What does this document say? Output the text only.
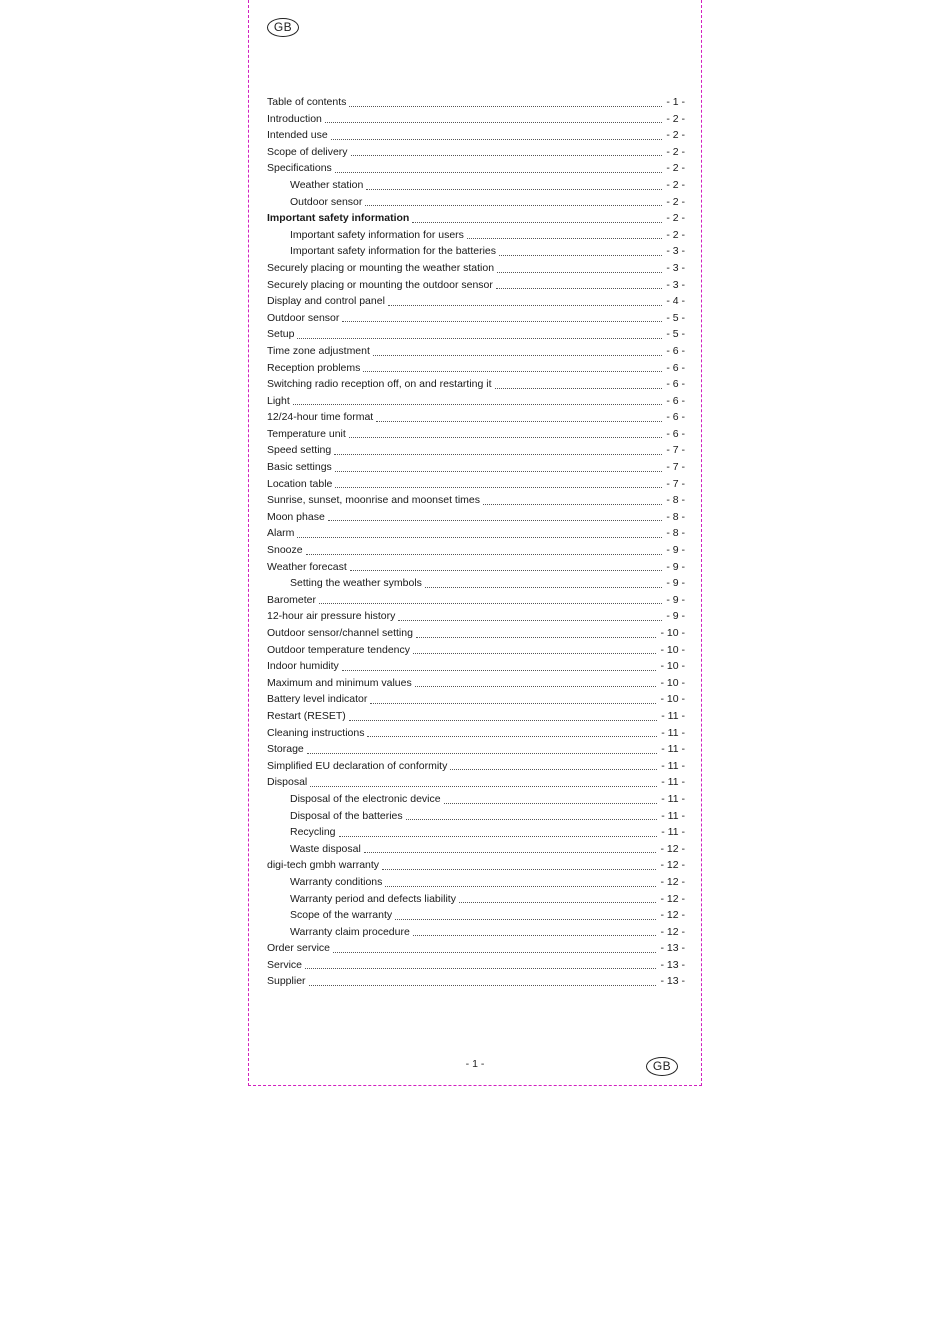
GB
Table of contents	- 1 -
Introduction	- 2 -
Intended use	- 2 -
Scope of delivery	- 2 -
Specifications	- 2 -
Weather station	- 2 -
Outdoor sensor	- 2 -
Important safety information	- 2 -
Important safety information for users	- 2 -
Important safety information for the batteries	- 3 -
Securely placing or mounting the weather station	- 3 -
Securely placing or mounting the outdoor sensor	- 3 -
Display and control panel	- 4 -
Outdoor sensor	- 5 -
Setup	- 5 -
Time zone adjustment	- 6 -
Reception problems	- 6 -
Switching radio reception off, on and restarting it	- 6 -
Light	- 6 -
12/24-hour time format	- 6 -
Temperature unit	- 6 -
Speed setting	- 7 -
Basic settings	- 7 -
Location table	- 7 -
Sunrise, sunset, moonrise and moonset times	- 8 -
Moon phase	- 8 -
Alarm	- 8 -
Snooze	- 9 -
Weather forecast	- 9 -
Setting the weather symbols	- 9 -
Barometer	- 9 -
12-hour air pressure history	- 9 -
Outdoor sensor/channel setting	- 10 -
Outdoor temperature tendency	- 10 -
Indoor humidity	- 10 -
Maximum and minimum values	- 10 -
Battery level indicator	- 10 -
Restart (RESET)	- 11 -
Cleaning instructions	- 11 -
Storage	- 11 -
Simplified EU declaration of conformity	- 11 -
Disposal	- 11 -
Disposal of the electronic device	- 11 -
Disposal of the batteries	- 11 -
Recycling	- 11 -
Waste disposal	- 12 -
digi-tech gmbh warranty	- 12 -
Warranty conditions	- 12 -
Warranty period and defects liability	- 12 -
Scope of the warranty	- 12 -
Warranty claim procedure	- 12 -
Order service	- 13 -
Service	- 13 -
Supplier	- 13 -
- 1 -	GB
